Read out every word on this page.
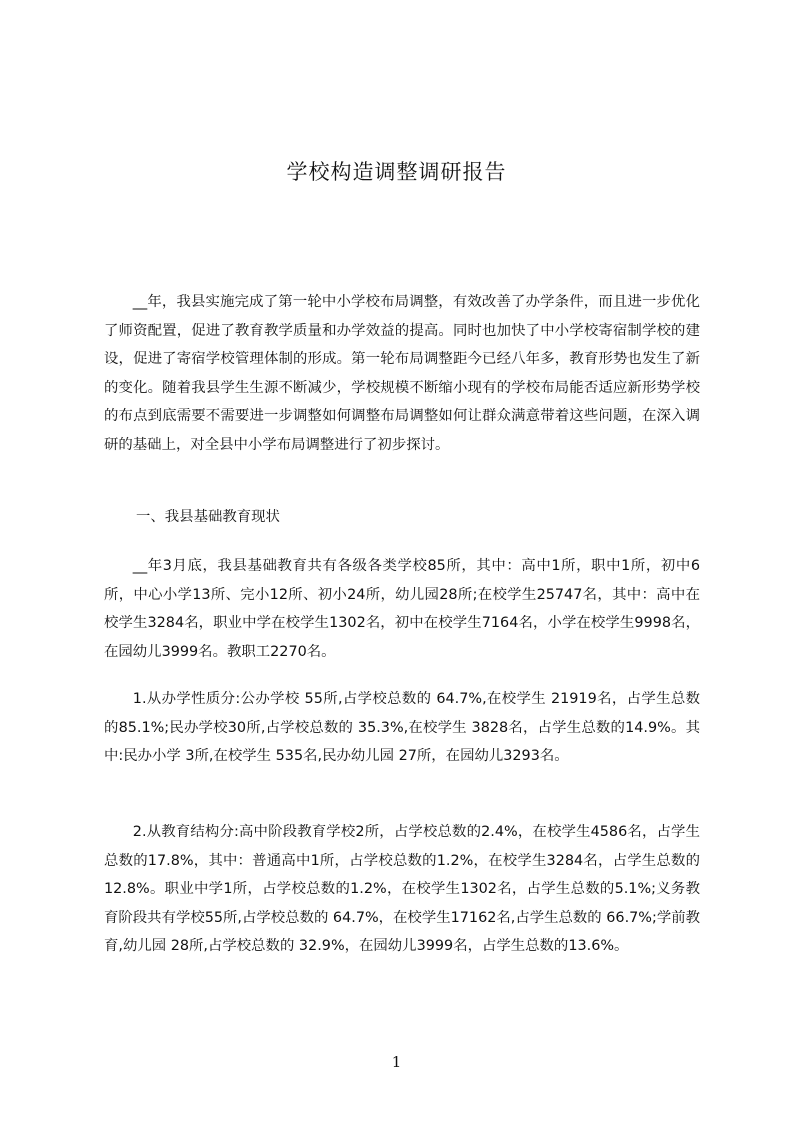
学校构造调整调研报告

__年，我县实施完成了第一轮中小学校布局调整，有效改善了办学条件，而且进一步优化了师资配置，促进了教育教学质量和办学效益的提高。同时也加快了中小学校寄宿制学校的建设，促进了寄宿学校管理体制的形成。第一轮布局调整距今已经八年多，教育形势也发生了新的变化。随着我县学生生源不断减少，学校规模不断缩小现有的学校布局能否适应新形势学校的布点到底需要不需要进一步调整如何调整布局调整如何让群众满意带着这些问题，在深入调研的基础上，对全县中小学布局调整进行了初步探讨。

一、我县基础教育现状

__年3月底，我县基础教育共有各级各类学校85所，其中：高中1所，职中1所，初中6所，中心小学13所、完小12所、初小24所，幼儿园28所;在校学生25747名，其中：高中在校学生3284名，职业中学在校学生1302名，初中在校学生7164名，小学在校学生9998名，在园幼儿3999名。教职工2270名。

1.从办学性质分:公办学校 55所,占学校总数的 64.7%,在校学生 21919名，占学生总数的85.1%;民办学校30所,占学校总数的 35.3%,在校学生 3828名，占学生总数的14.9%。其中:民办小学 3所,在校学生 535名,民办幼儿园 27所，在园幼儿3293名。

2.从教育结构分:高中阶段教育学校2所，占学校总数的2.4%，在校学生4586名，占学生总数的17.8%，其中：普通高中1所，占学校总数的1.2%，在校学生3284名，占学生总数的12.8%。职业中学1所，占学校总数的1.2%，在校学生1302名，占学生总数的5.1%;义务教育阶段共有学校55所,占学校总数的 64.7%，在校学生17162名,占学生总数的 66.7%;学前教育,幼儿园 28所,占学校总数的 32.9%，在园幼儿3999名，占学生总数的13.6%。

1
